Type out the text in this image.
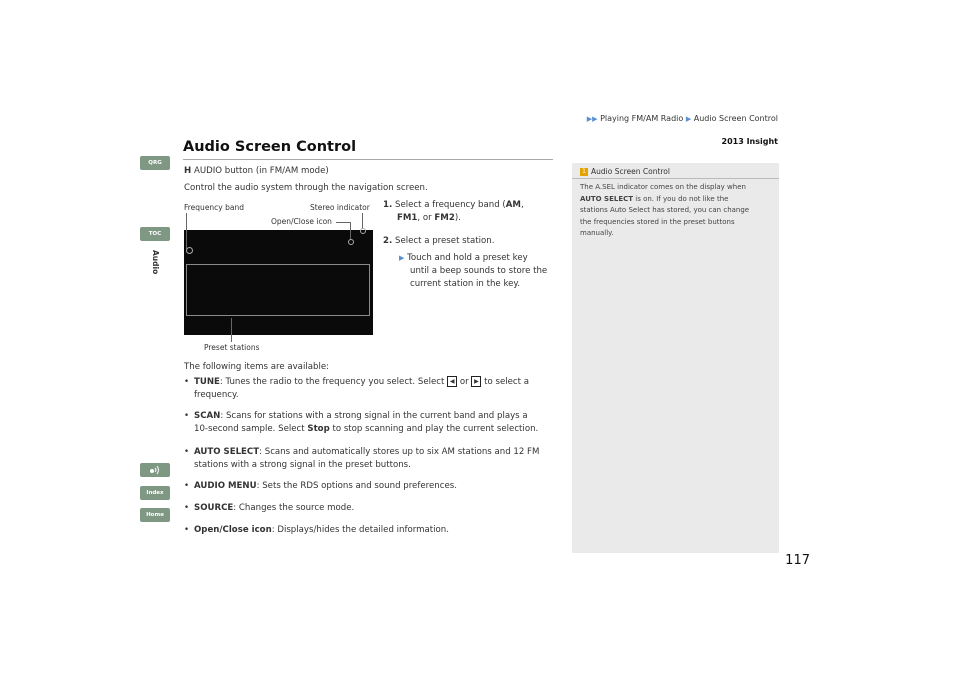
▶▶ Playing FM/AM Radio ▶ Audio Screen Control
2013 Insight
QRG
TOC
Audio
Index
Home
Audio Screen Control
H AUDIO button (in FM/AM mode)
Control the audio system through the navigation screen.
Frequency band	Stereo indicator
Open/Close icon
Preset stations
1. Select a frequency band (AM,
FM1, or FM2).
2. Select a preset station.
▶ Touch and hold a preset key
until a beep sounds to store the
current station in the key.
The following items are available:
• TUNE: Tunes the radio to the frequency you select. Select ◀ or ▶ to select a
frequency.
• SCAN: Scans for stations with a strong signal in the current band and plays a
10-second sample. Select Stop to stop scanning and play the current selection.
• AUTO SELECT: Scans and automatically stores up to six AM stations and 12 FM
stations with a strong signal in the preset buttons.
• AUDIO MENU: Sets the RDS options and sound preferences.
• SOURCE: Changes the source mode.
• Open/Close icon: Displays/hides the detailed information.
1 Audio Screen Control
The A.SEL indicator comes on the display when
AUTO SELECT is on. If you do not like the
stations Auto Select has stored, you can change
the frequencies stored in the preset buttons
manually.
117
